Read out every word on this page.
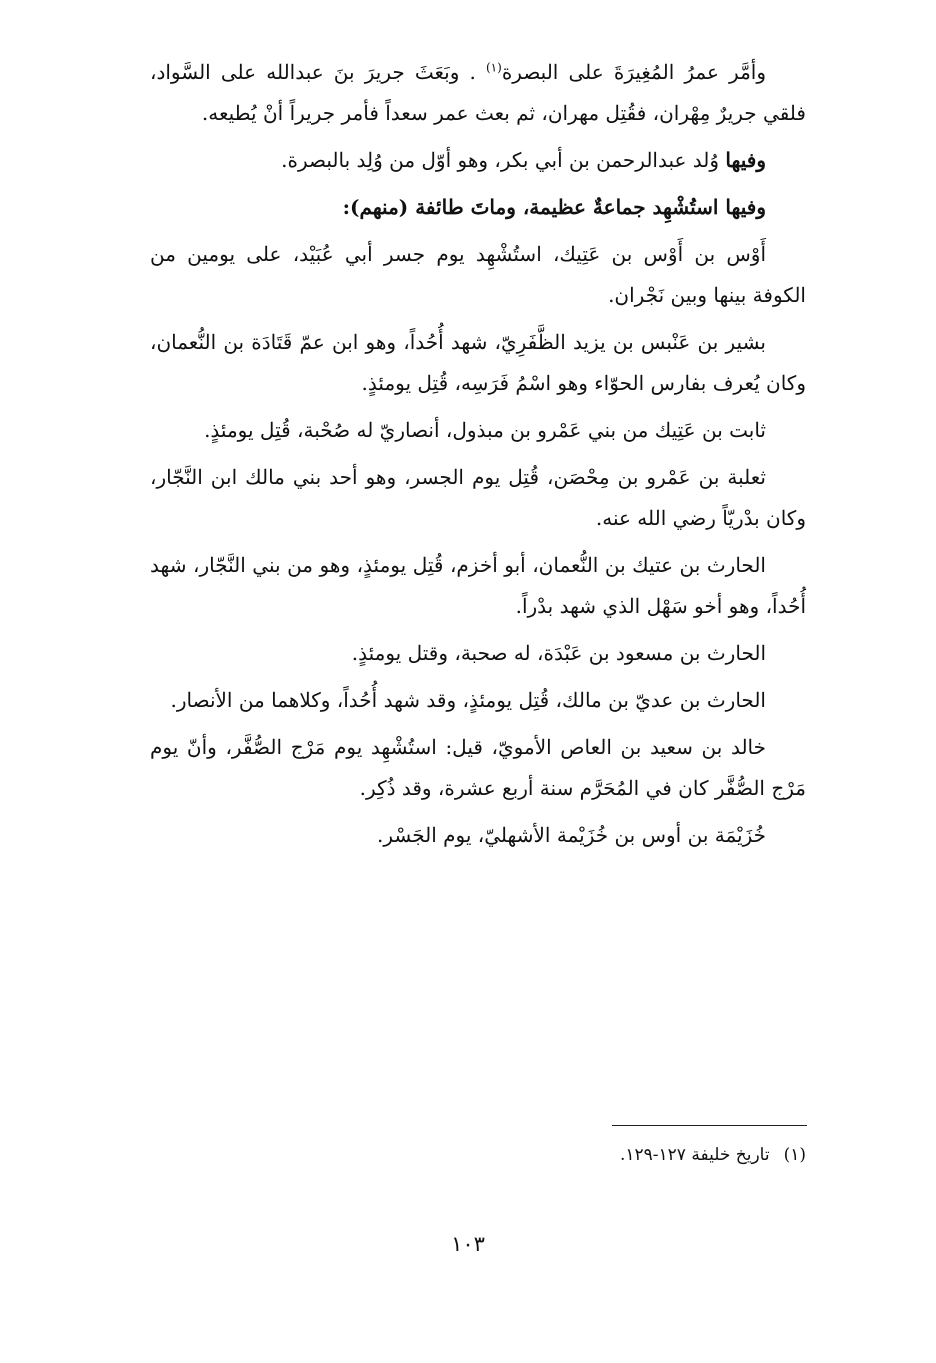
وأمَّر عمرُ المُغِيرَةَ على البصرة$^{(١)}$ . وبَعَثَ جريرَ بنَ عبدالله على السَّواد، فلقي جريرٌ مِهْران، فقُتِل مهران، ثم بعث عمر سعداً فأمر جريراً أنْ يُطيعه.

وفيها وُلد عبدالرحمن بن أبي بكر، وهو أوّل من وُلِد بالبصرة.

وفيها استُشْهِد جماعةٌ عظيمة، وماتَ طائفة (منهم):

أَوْس بن أَوْس بن عَتِيك، استُشْهِد يوم جسر أبي عُبَيْد، على يومين من الكوفة بينها وبين نَجْران.

بشير بن عَنْبس بن يزيد الظَّفَرِيّ، شهد أُحُداً، وهو ابن عمّ قَتَادَة بن النُّعمان، وكان يُعرف بفارس الحوّاء وهو اسْمُ فَرَسِه، قُتِل يومئذٍ.

ثابت بن عَتِيك من بني عَمْرو بن مبذول، أنصاريّ له صُحْبة، قُتِل يومئذٍ.

ثعلبة بن عَمْرو بن مِحْصَن، قُتِل يوم الجسر، وهو أحد بني مالك ابن النَّجّار، وكان بدْريّاً رضي الله عنه.

الحارث بن عتيك بن النُّعمان، أبو أخزم، قُتِل يومئذٍ، وهو من بني النَّجّار، شهد أُحُداً، وهو أخو سَهْل الذي شهد بدْراً.

الحارث بن مسعود بن عَبْدَة، له صحبة، وقتل يومئذٍ.

الحارث بن عديّ بن مالك، قُتِل يومئذٍ، وقد شهد أُحُداً، وكلاهما من الأنصار.

خالد بن سعيد بن العاص الأمويّ، قيل: استُشْهِد يوم مَرْج الصُّفَّر، وأنّ يوم مَرْج الصُّفَّر كان في المُحَرَّم سنة أربع عشرة، وقد ذُكِر.

خُزَيْمَة بن أوس بن خُزَيْمة الأشهليّ، يوم الجَسْر.

(١)تاريخ خليفة ١٢٧-١٢٩.
١٠٣
